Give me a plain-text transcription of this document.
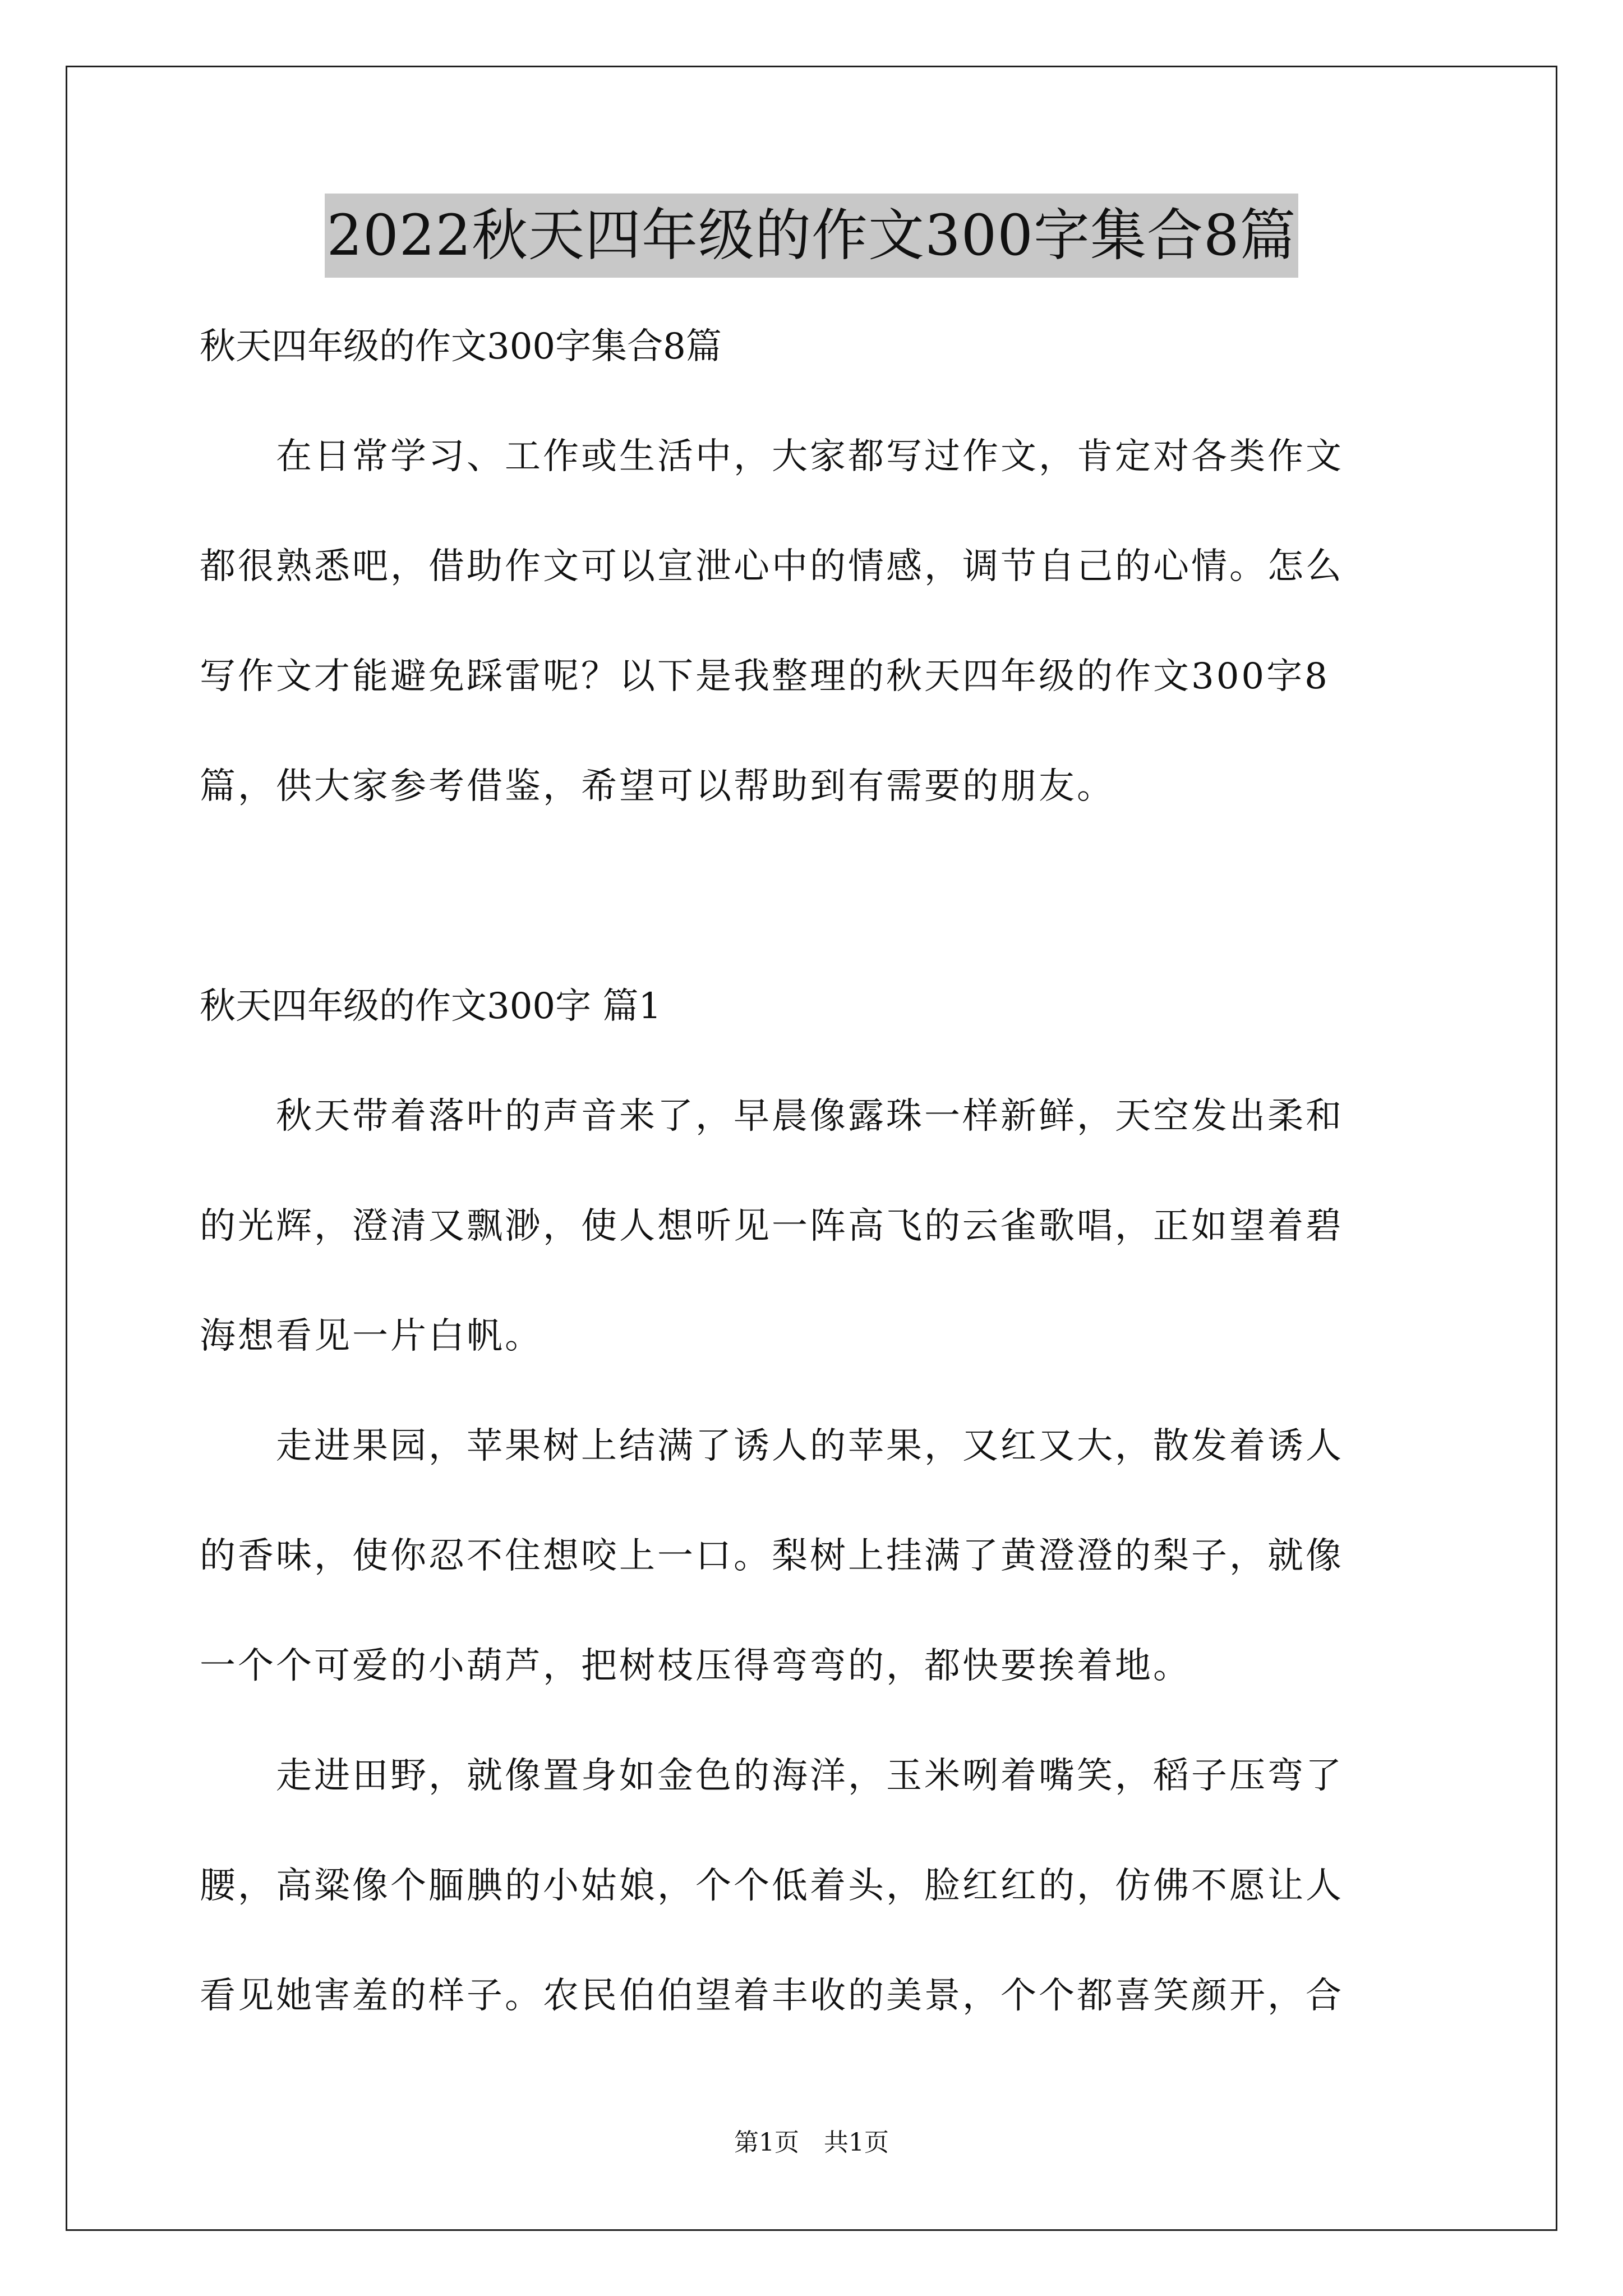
2022秋天四年级的作文300字集合8篇
秋天四年级的作文300字集合8篇
　　在日常学习、工作或生活中，大家都写过作文，肯定对各类作文
都很熟悉吧，借助作文可以宣泄心中的情感，调节自己的心情。怎么
写作文才能避免踩雷呢？以下是我整理的秋天四年级的作文300字8
篇，供大家参考借鉴，希望可以帮助到有需要的朋友。
秋天四年级的作文300字 篇1
　　秋天带着落叶的声音来了，早晨像露珠一样新鲜，天空发出柔和
的光辉，澄清又飘渺，使人想听见一阵高飞的云雀歌唱，正如望着碧
海想看见一片白帆。
　　走进果园，苹果树上结满了诱人的苹果，又红又大，散发着诱人
的香味，使你忍不住想咬上一口。梨树上挂满了黄澄澄的梨子，就像
一个个可爱的小葫芦，把树枝压得弯弯的，都快要挨着地。
　　走进田野，就像置身如金色的海洋，玉米咧着嘴笑，稻子压弯了
腰，高粱像个腼腆的小姑娘，个个低着头，脸红红的，仿佛不愿让人
看见她害羞的样子。农民伯伯望着丰收的美景，个个都喜笑颜开，合
第1页　共1页
